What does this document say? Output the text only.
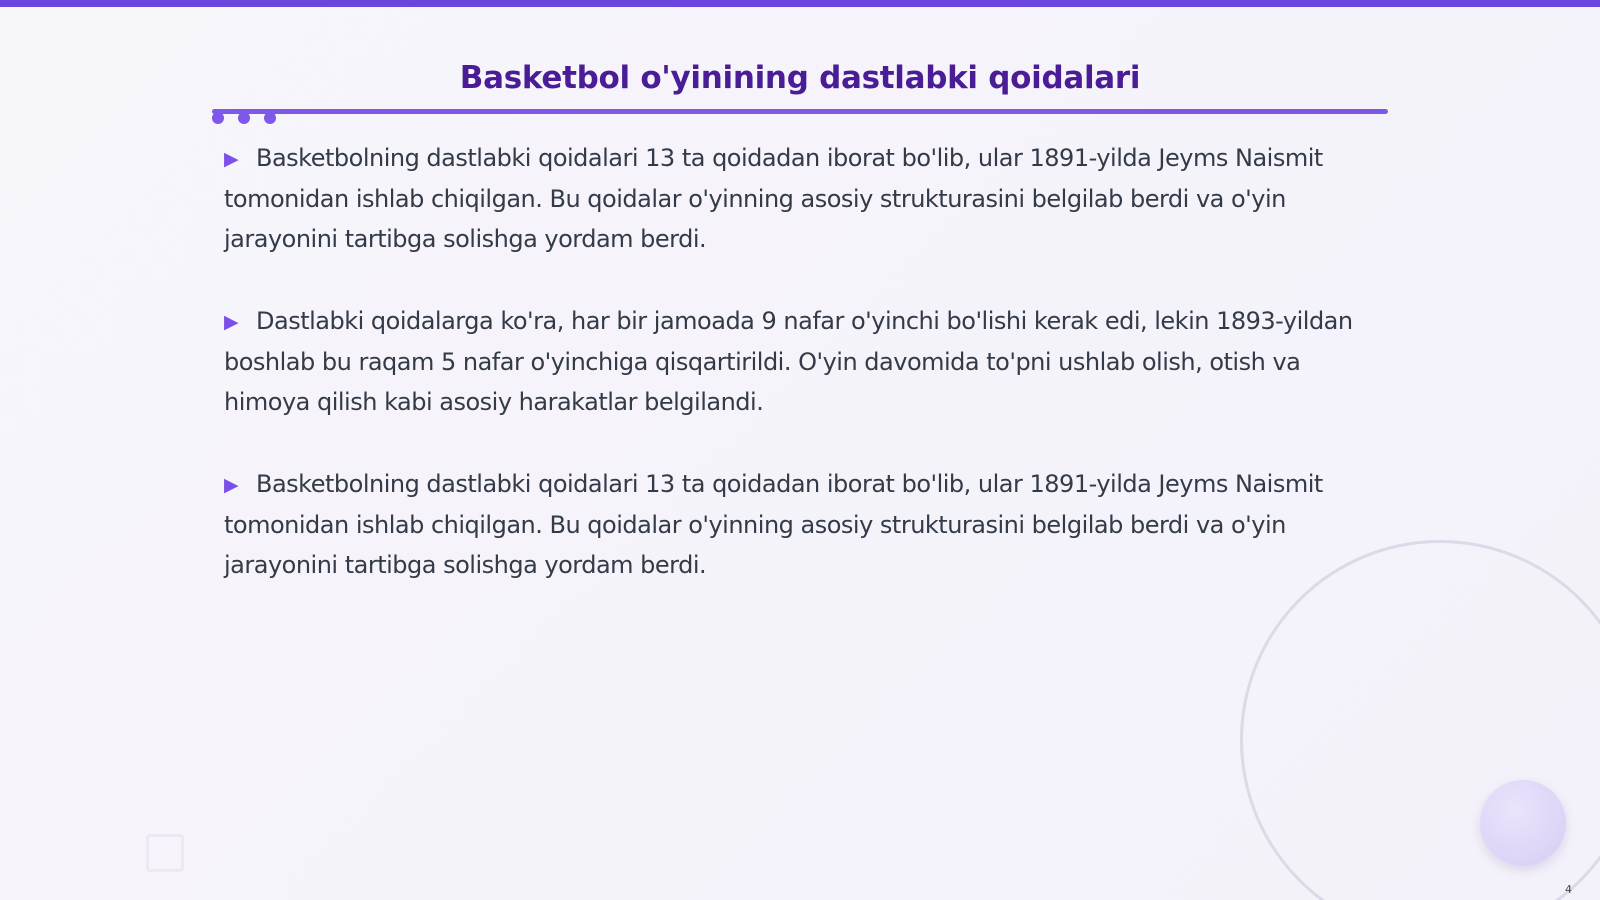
Basketbol o'yinining dastlabki qoidalari

▶ Basketbolning dastlabki qoidalari 13 ta qoidadan iborat bo'lib, ular 1891-yilda Jeyms Naismit tomonidan ishlab chiqilgan. Bu qoidalar o'yinning asosiy strukturasini belgilab berdi va o'yin jarayonini tartibga solishga yordam berdi.

▶ Dastlabki qoidalarga ko'ra, har bir jamoada 9 nafar o'yinchi bo'lishi kerak edi, lekin 1893-yildan boshlab bu raqam 5 nafar o'yinchiga qisqartirildi. O'yin davomida to'pni ushlab olish, otish va himoya qilish kabi asosiy harakatlar belgilandi.

▶ Basketbolning dastlabki qoidalari 13 ta qoidadan iborat bo'lib, ular 1891-yilda Jeyms Naismit tomonidan ishlab chiqilgan. Bu qoidalar o'yinning asosiy strukturasini belgilab berdi va o'yin jarayonini tartibga solishga yordam berdi.

4
